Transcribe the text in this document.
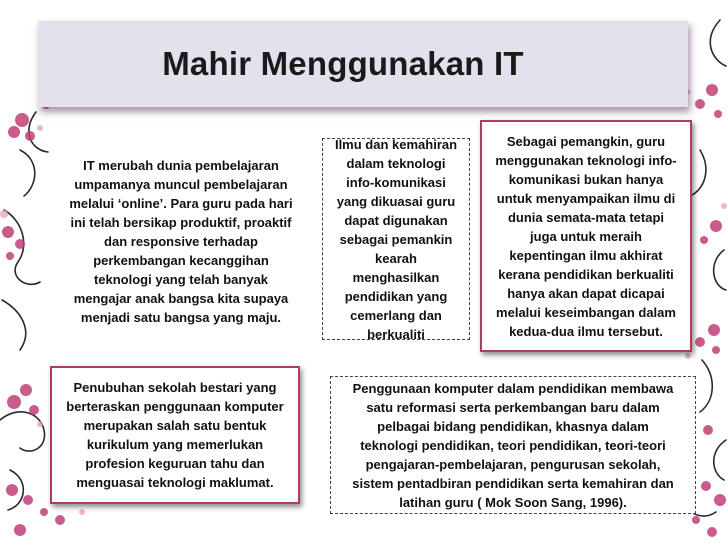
Mahir Menggunakan IT
IT merubah dunia pembelajaran
umpamanya muncul pembelajaran
melalui ‘online’. Para guru pada hari
ini telah bersikap produktif, proaktif
dan responsive terhadap
perkembangan kecanggihan
teknologi yang telah banyak
mengajar anak bangsa kita supaya
menjadi satu bangsa yang maju.
Ilmu dan kemahiran
dalam teknologi
info-komunikasi
yang dikuasai guru
dapat digunakan
sebagai pemankin
kearah
menghasilkan
pendidikan yang
cemerlang dan
berkualiti
Sebagai pemangkin, guru
menggunakan teknologi info-
komunikasi bukan hanya
untuk menyampaikan ilmu di
dunia semata-mata tetapi
juga untuk meraih
kepentingan ilmu akhirat
kerana pendidikan berkualiti
hanya akan dapat dicapai
melalui keseimbangan dalam
kedua-dua ilmu tersebut.
Penubuhan sekolah bestari yang
berteraskan penggunaan komputer
merupakan salah satu bentuk
kurikulum yang memerlukan
profesion keguruan tahu dan
menguasai teknologi maklumat.
Penggunaan komputer dalam pendidikan membawa
satu reformasi serta perkembangan baru dalam
pelbagai bidang pendidikan, khasnya dalam
teknologi pendidikan, teori pendidikan, teori-teori
pengajaran-pembelajaran, pengurusan sekolah,
sistem pentadbiran pendidikan serta kemahiran dan
latihan guru ( Mok Soon Sang, 1996).
